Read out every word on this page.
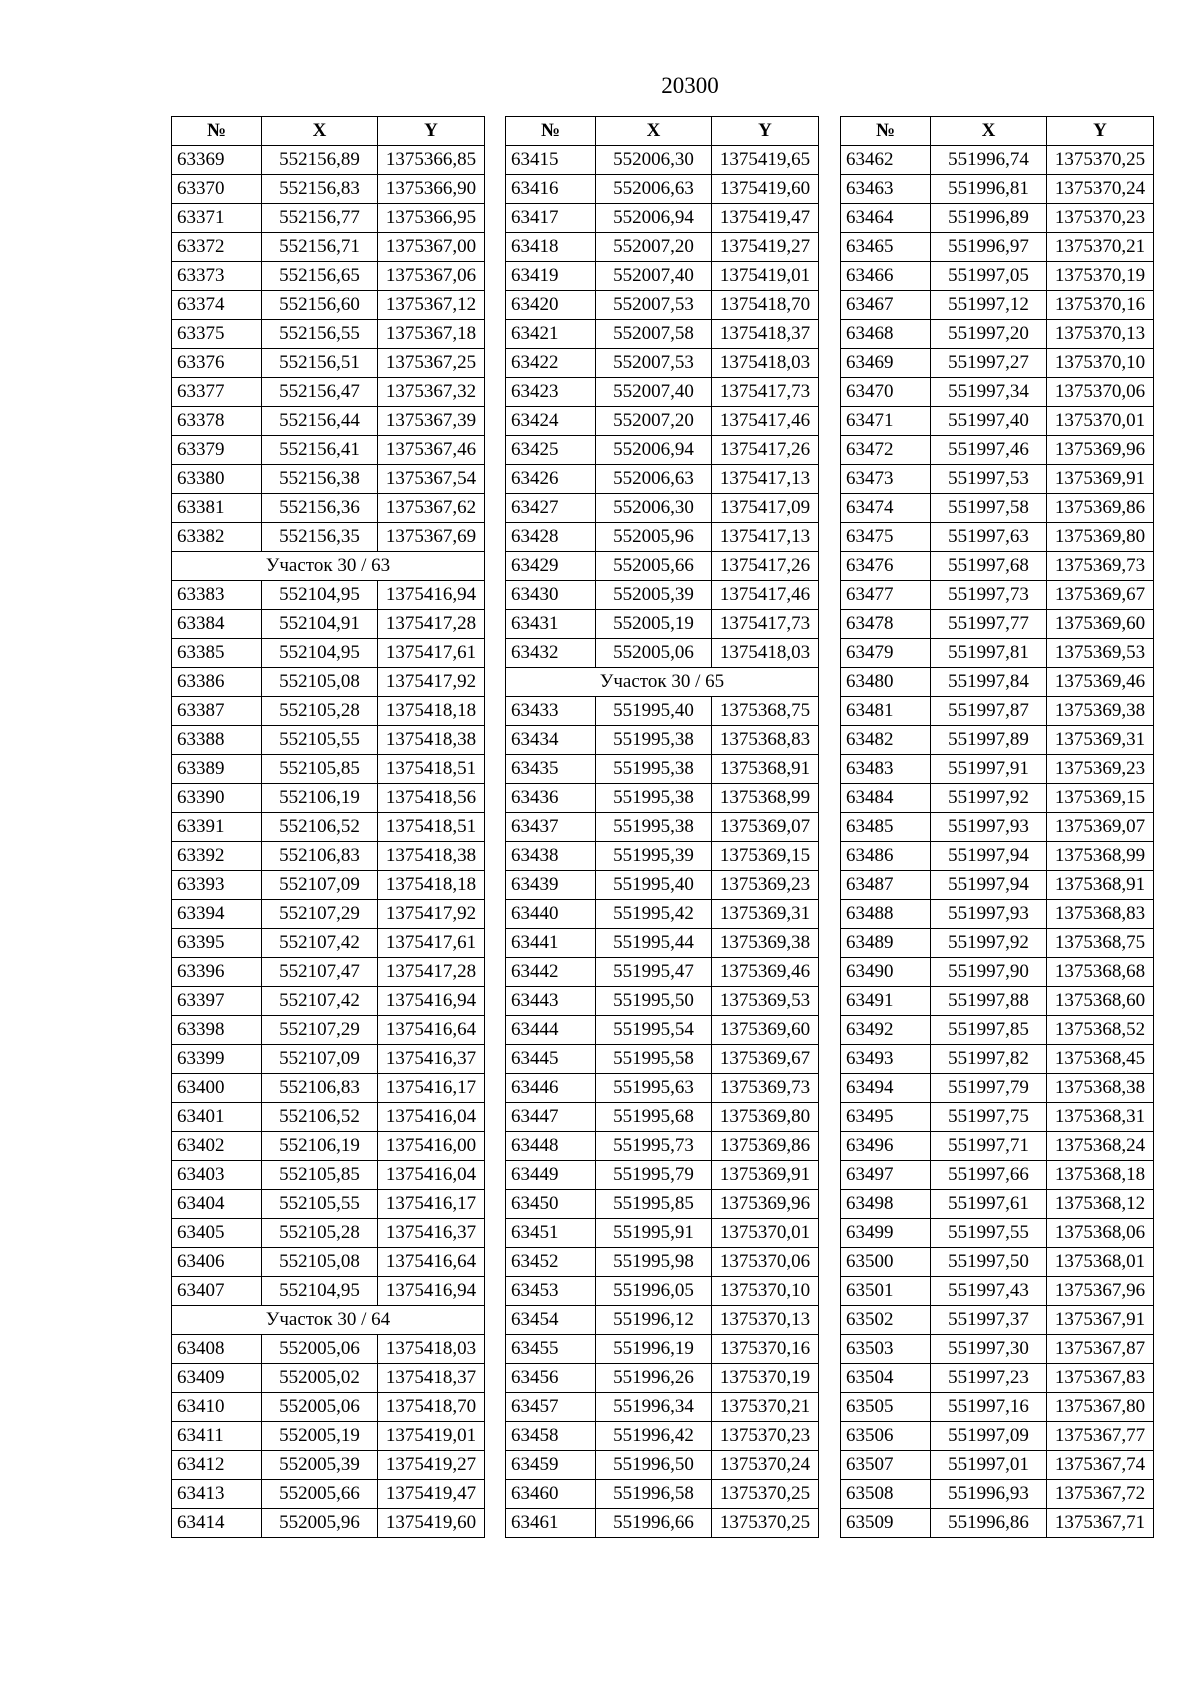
20300
№	X	Y
63369	552156,89	1375366,85
63370	552156,83	1375366,90
63371	552156,77	1375366,95
63372	552156,71	1375367,00
63373	552156,65	1375367,06
63374	552156,60	1375367,12
63375	552156,55	1375367,18
63376	552156,51	1375367,25
63377	552156,47	1375367,32
63378	552156,44	1375367,39
63379	552156,41	1375367,46
63380	552156,38	1375367,54
63381	552156,36	1375367,62
63382	552156,35	1375367,69
Участок 30 / 63		
63383	552104,95	1375416,94
63384	552104,91	1375417,28
63385	552104,95	1375417,61
63386	552105,08	1375417,92
63387	552105,28	1375418,18
63388	552105,55	1375418,38
63389	552105,85	1375418,51
63390	552106,19	1375418,56
63391	552106,52	1375418,51
63392	552106,83	1375418,38
63393	552107,09	1375418,18
63394	552107,29	1375417,92
63395	552107,42	1375417,61
63396	552107,47	1375417,28
63397	552107,42	1375416,94
63398	552107,29	1375416,64
63399	552107,09	1375416,37
63400	552106,83	1375416,17
63401	552106,52	1375416,04
63402	552106,19	1375416,00
63403	552105,85	1375416,04
63404	552105,55	1375416,17
63405	552105,28	1375416,37
63406	552105,08	1375416,64
63407	552104,95	1375416,94
Участок 30 / 64		
63408	552005,06	1375418,03
63409	552005,02	1375418,37
63410	552005,06	1375418,70
63411	552005,19	1375419,01
63412	552005,39	1375419,27
63413	552005,66	1375419,47
63414	552005,96	1375419,60
№	X	Y
63415	552006,30	1375419,65
63416	552006,63	1375419,60
63417	552006,94	1375419,47
63418	552007,20	1375419,27
63419	552007,40	1375419,01
63420	552007,53	1375418,70
63421	552007,58	1375418,37
63422	552007,53	1375418,03
63423	552007,40	1375417,73
63424	552007,20	1375417,46
63425	552006,94	1375417,26
63426	552006,63	1375417,13
63427	552006,30	1375417,09
63428	552005,96	1375417,13
63429	552005,66	1375417,26
63430	552005,39	1375417,46
63431	552005,19	1375417,73
63432	552005,06	1375418,03
Участок 30 / 65		
63433	551995,40	1375368,75
63434	551995,38	1375368,83
63435	551995,38	1375368,91
63436	551995,38	1375368,99
63437	551995,38	1375369,07
63438	551995,39	1375369,15
63439	551995,40	1375369,23
63440	551995,42	1375369,31
63441	551995,44	1375369,38
63442	551995,47	1375369,46
63443	551995,50	1375369,53
63444	551995,54	1375369,60
63445	551995,58	1375369,67
63446	551995,63	1375369,73
63447	551995,68	1375369,80
63448	551995,73	1375369,86
63449	551995,79	1375369,91
63450	551995,85	1375369,96
63451	551995,91	1375370,01
63452	551995,98	1375370,06
63453	551996,05	1375370,10
63454	551996,12	1375370,13
63455	551996,19	1375370,16
63456	551996,26	1375370,19
63457	551996,34	1375370,21
63458	551996,42	1375370,23
63459	551996,50	1375370,24
63460	551996,58	1375370,25
63461	551996,66	1375370,25
№	X	Y
63462	551996,74	1375370,25
63463	551996,81	1375370,24
63464	551996,89	1375370,23
63465	551996,97	1375370,21
63466	551997,05	1375370,19
63467	551997,12	1375370,16
63468	551997,20	1375370,13
63469	551997,27	1375370,10
63470	551997,34	1375370,06
63471	551997,40	1375370,01
63472	551997,46	1375369,96
63473	551997,53	1375369,91
63474	551997,58	1375369,86
63475	551997,63	1375369,80
63476	551997,68	1375369,73
63477	551997,73	1375369,67
63478	551997,77	1375369,60
63479	551997,81	1375369,53
63480	551997,84	1375369,46
63481	551997,87	1375369,38
63482	551997,89	1375369,31
63483	551997,91	1375369,23
63484	551997,92	1375369,15
63485	551997,93	1375369,07
63486	551997,94	1375368,99
63487	551997,94	1375368,91
63488	551997,93	1375368,83
63489	551997,92	1375368,75
63490	551997,90	1375368,68
63491	551997,88	1375368,60
63492	551997,85	1375368,52
63493	551997,82	1375368,45
63494	551997,79	1375368,38
63495	551997,75	1375368,31
63496	551997,71	1375368,24
63497	551997,66	1375368,18
63498	551997,61	1375368,12
63499	551997,55	1375368,06
63500	551997,50	1375368,01
63501	551997,43	1375367,96
63502	551997,37	1375367,91
63503	551997,30	1375367,87
63504	551997,23	1375367,83
63505	551997,16	1375367,80
63506	551997,09	1375367,77
63507	551997,01	1375367,74
63508	551996,93	1375367,72
63509	551996,86	1375367,71
